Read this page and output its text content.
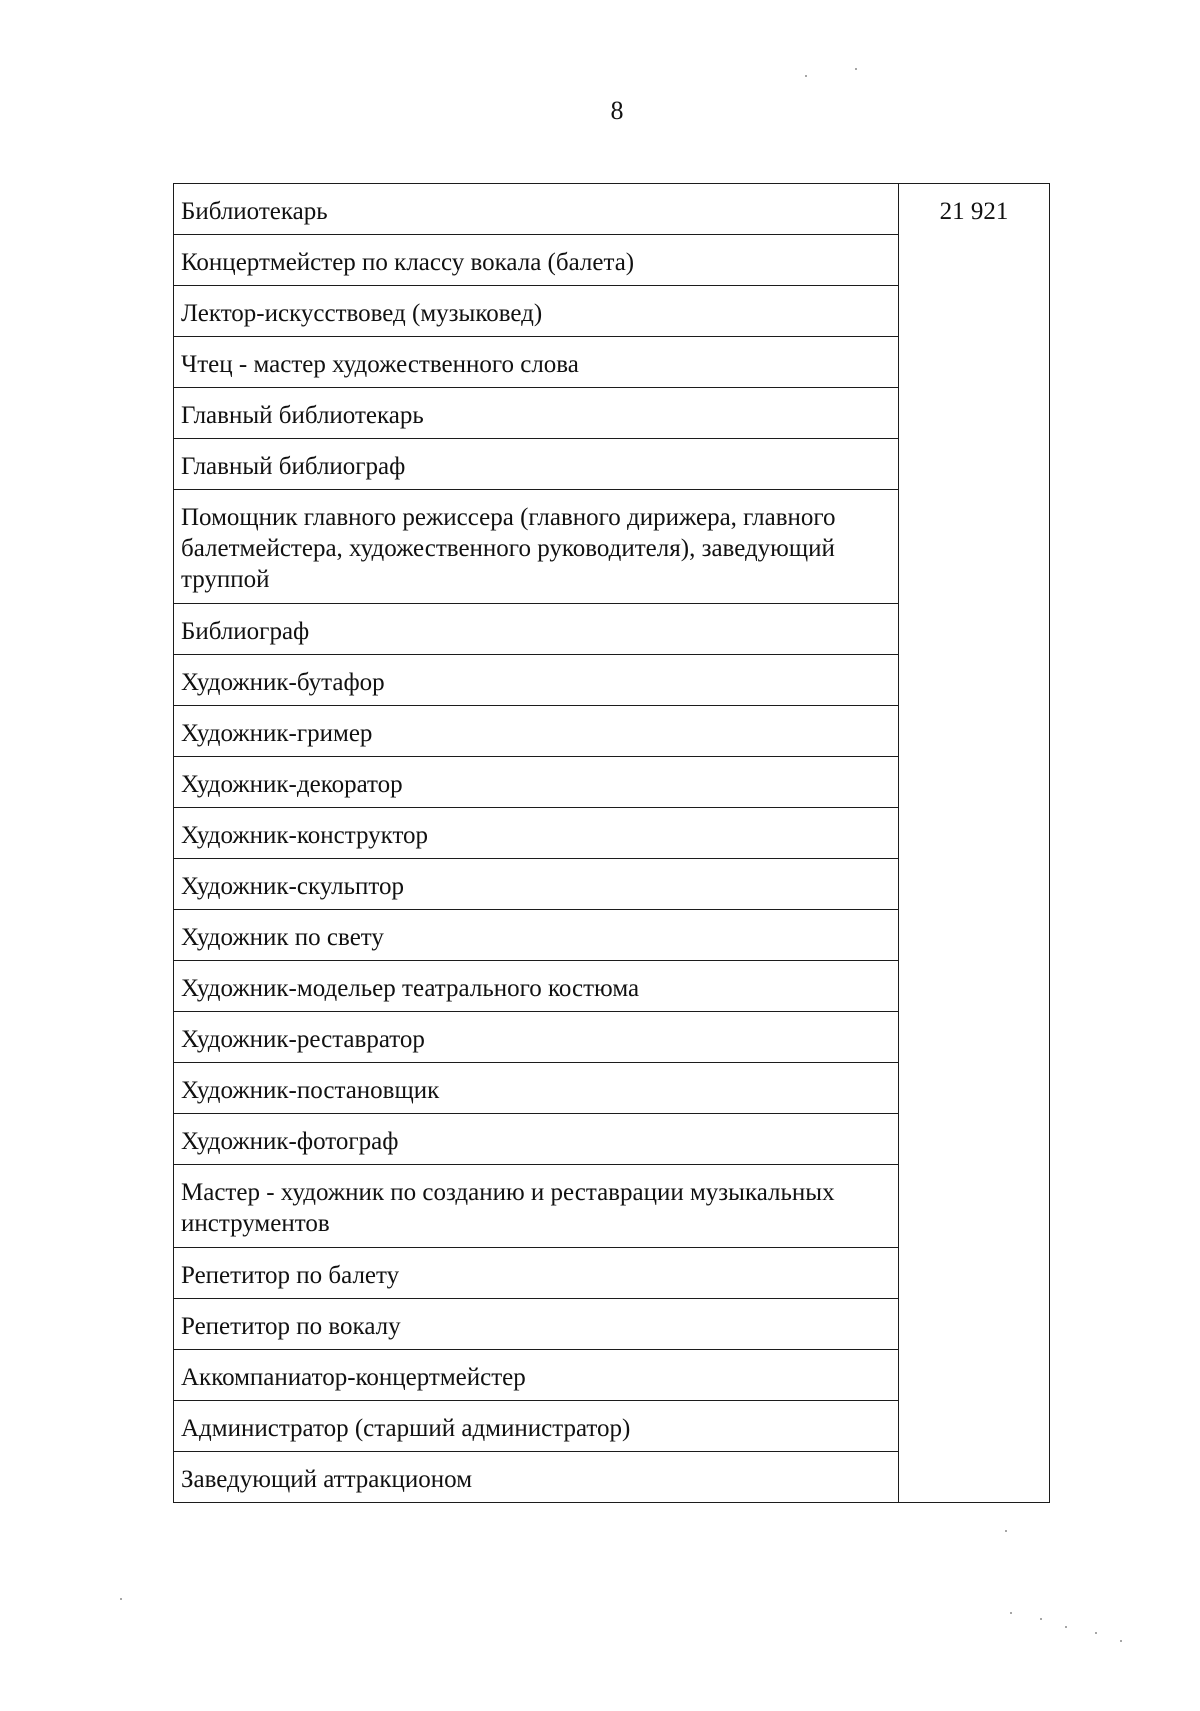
8
Библиотекарь	21 921
Концертмейстер по классу вокала (балета)
Лектор-искусствовед (музыковед)
Чтец - мастер художественного слова
Главный библиотекарь
Главный библиограф
Помощник главного режиссера (главного дирижера, главного балетмейстера, художественного руководителя), заведующий труппой
Библиограф
Художник-бутафор
Художник-гример
Художник-декоратор
Художник-конструктор
Художник-скульптор
Художник по свету
Художник-модельер театрального костюма
Художник-реставратор
Художник-постановщик
Художник-фотограф
Мастер - художник по созданию и реставрации музыкальных инструментов
Репетитор по балету
Репетитор по вокалу
Аккомпаниатор-концертмейстер
Администратор (старший администратор)
Заведующий аттракционом
